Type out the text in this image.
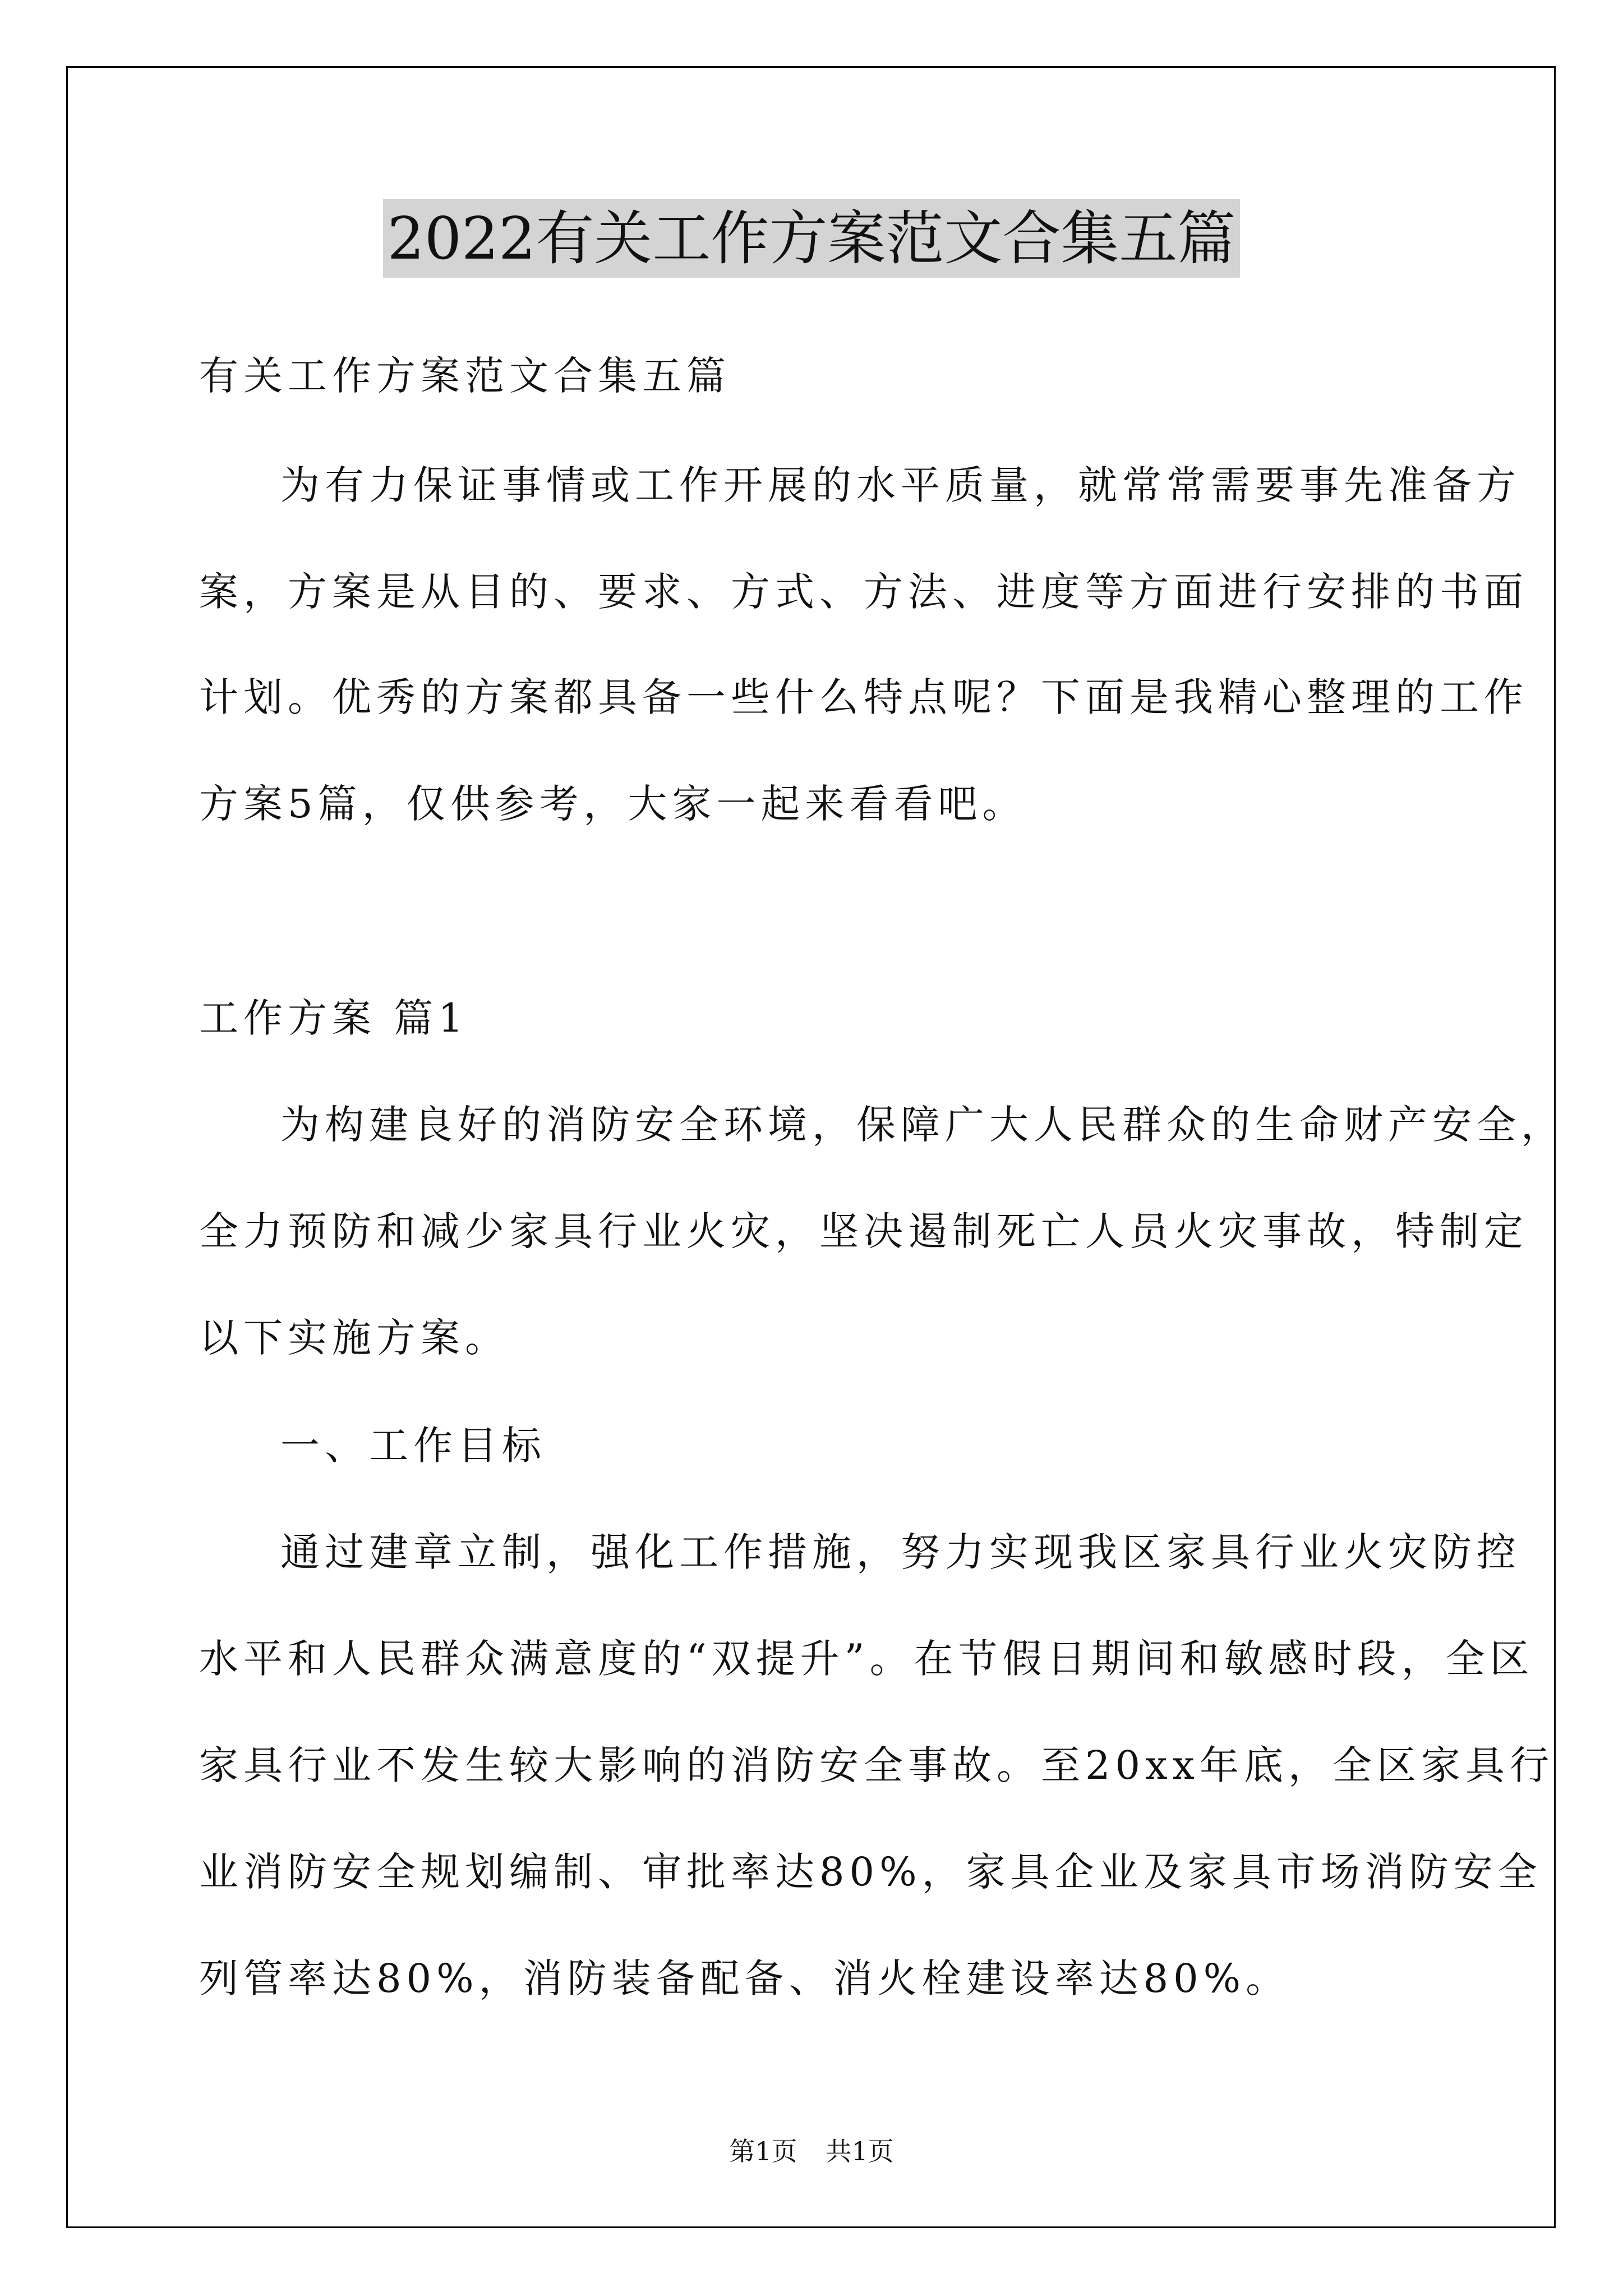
2022有关工作方案范文合集五篇
有关工作方案范文合集五篇
为有力保证事情或工作开展的水平质量，就常常需要事先准备方
案，方案是从目的、要求、方式、方法、进度等方面进行安排的书面
计划。优秀的方案都具备一些什么特点呢？下面是我精心整理的工作
方案5篇，仅供参考，大家一起来看看吧。
工作方案 篇1
为构建良好的消防安全环境，保障广大人民群众的生命财产安全，
全力预防和减少家具行业火灾，坚决遏制死亡人员火灾事故，特制定
以下实施方案。
一、工作目标
通过建章立制，强化工作措施，努力实现我区家具行业火灾防控
水平和人民群众满意度的“双提升”。在节假日期间和敏感时段，全区
家具行业不发生较大影响的消防安全事故。至20xx年底，全区家具行
业消防安全规划编制、审批率达80%，家具企业及家具市场消防安全
列管率达80%，消防装备配备、消火栓建设率达80%。
第1页 共1页
